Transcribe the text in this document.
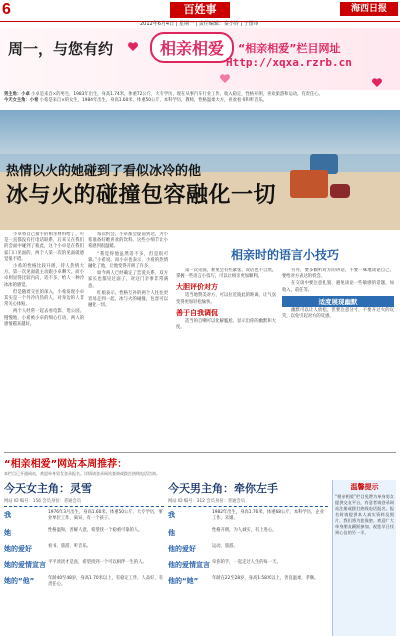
6	百姓事	海西日报
2012年6月4日 | 星期一 | 责任编辑：秦小铃 | 子图审
周一，与您有约	相亲相爱	“相亲相爱”栏目网址
Http://xqxa.rzrb.cn
男主角：小卓 小卓是来自×的男生，1983年出生，身高1.74米，体重72公斤，大专学历，现在从事汽车行业工作，收入稳定，性格开朗，喜欢旅游和运动，有责任心。
今天女主角：小希 小希是来自×的女生，1984年出生，身高1.60米，体重50公斤，本科学历，教师，性格温柔大方，喜欢看书和听音乐。
热情以火的她碰到了看似冰冷的他
冰与火的碰撞包容融化一切

小卓将自己接手的相亲材料给了，可是一直都没有打电话联系，后来又在我们的会面中碰到了彼此，这个小卓是在我们家门口见面的，两个人第一次的见面就感觉很不错。

小希的性格比较开朗，待人热情大方。第一次见面就主动跟小卓聊天。而小卓则显得比较内向，话不多，给人一种冷冰冰的感觉。

但是随着交往的深入，小希发现小卓其实是一个外冷内热的人，对身边的人非常关心体贴。

两个人经常一起去看电影、逛公园。慢慢地，小希被小卓的细心打动，两人的感情越来越好。

每次约会，小卓都会提前到达，为小希准备好她喜欢的饮料。这些小细节让小希感到很温暖。

“我觉得他虽然话不多，但是很可靠。”小希说。而小卓也表示，小希的热情融化了他，让他变得开朗了许多。

如今两人已经确定了恋爱关系，双方家长也都见过面了，对这门亲事非常满意。

红娘表示，性格互补的两个人往往更容易走到一起，冰与火的碰撞，包容可以融化一切。

相亲时的语言小技巧

第一次见面，难免会有些紧张，说话也不自然。掌握一些语言小技巧，可以让相亲更加顺利。

大胆评价对方

适当地赞美对方，可以拉近彼此的距离，让气氛变得更加轻松愉快。

善于自我调侃

适当的自嘲可以化解尴尬，显示出你的幽默和大度。

另外，要多倾听对方的讲话，不要一味地谈论自己，要给对方表达的机会。

在交谈中要注意礼貌，避免谈论一些敏感的话题，如收入、前任等。

适度展现幽默

幽默可以让人放松，但要注意分寸，不要开过火的玩笑，以免引起对方的反感。

“相亲相爱”网站本周推荐：
本栏目已开通网站，欢迎单身男女登录报名。详情请登录网站查询或拨打热线电话咨询。
今天女主角：灵雪
网站 ID 编号：156 会员身份：普通会员
我	1976年3月出生，身高1.60米，体重50公斤，大专学历，事业单位工作，离异，有一个孩子。
她	性格温和，善解人意，希望找一个稳重可靠的人。
她的爱好	看书、旅游、听音乐。
她的爱情宣言 平平淡淡才是真，希望找到一个可以相伴一生的人。
她的“他”	年龄40至48岁，身高1.70米以上，有稳定工作，人品好，有责任心。
今天男主角：牵你左手
网站 ID 编号：312 会员身份：普通会员
我	1982年出生，身高1.76米，体重68公斤，本科学历，企业工作，未婚。
他	性格开朗，为人诚实，有上进心。
他的爱好	运动、旅游。
他的爱情宣言 牵你的手，一起走过人生的每一天。
他的“她”	年龄在22至28岁，身高1.58米以上，善良温柔，孝顺。
温馨提示
“相亲相爱”栏目免费为单身男女提供交友平台，有意者请登录网站注册或拨打热线电话报名。报名时请提供本人真实资料及照片，我们将为您保密。欢迎广大单身朋友踊跃参加，祝您早日找到心仪的另一半。
